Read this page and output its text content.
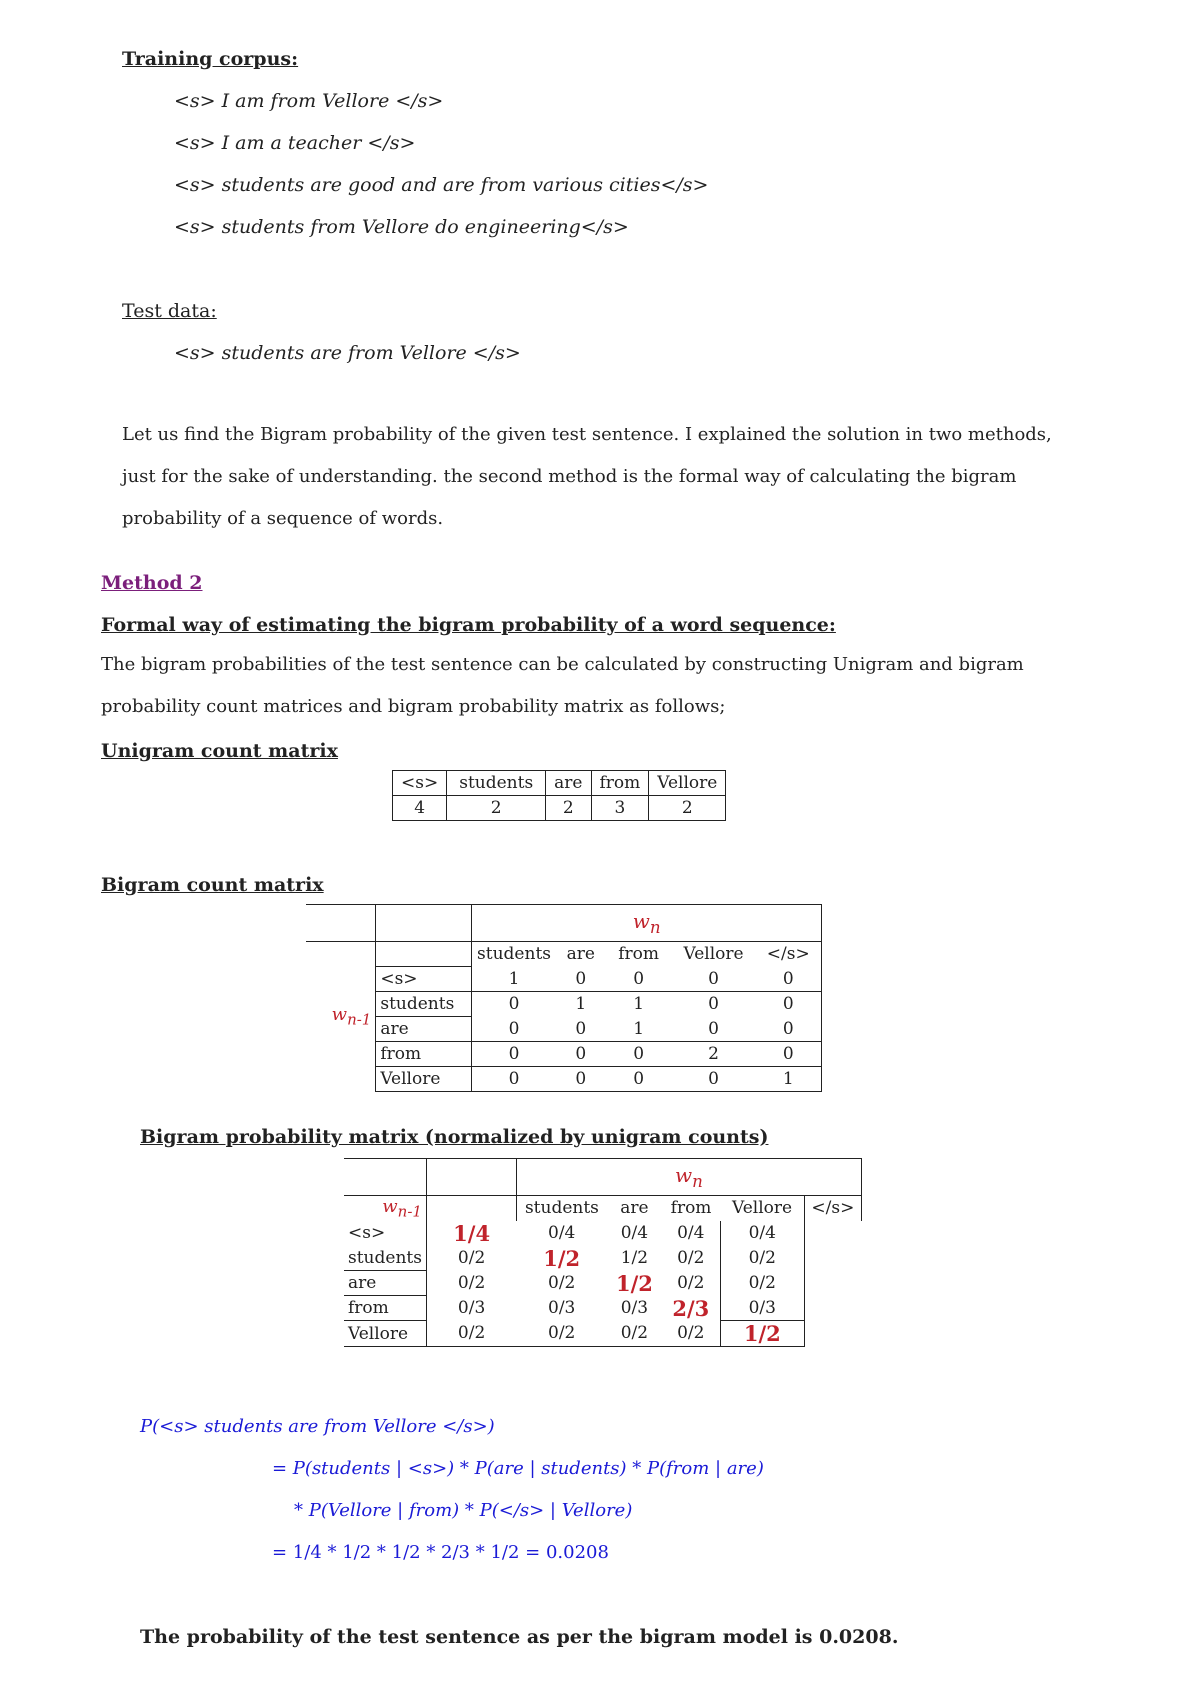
Training corpus:
<s> I am from Vellore </s>
<s> I am a teacher </s>
<s> students are good and are from various cities</s>
<s> students from Vellore do engineering</s>
Test data:
<s> students are from Vellore </s>
Let us find the Bigram probability of the given test sentence. I explained the solution in two methods,
just for the sake of understanding. the second method is the formal way of calculating the bigram
probability of a sequence of words.
Method 2
Formal way of estimating the bigram probability of a word sequence:
The bigram probabilities of the test sentence can be calculated by constructing Unigram and bigram
probability count matrices and bigram probability matrix as follows;
Unigram count matrix
<s>	students	are	from	Vellore
4	2	2	3	2
Bigram count matrix
		$w_n$
$w_{n-1}$		students	are	from	Vellore	</s>
	<s>	1	0	0	0	0
	students	0	1	1	0	0
	are	0	0	1	0	0
	from	0	0	0	2	0
	Vellore	0	0	0	0	1
Bigram probability matrix (normalized by unigram counts)
		$w_n$
$w_{n-1}$		students	are	from	Vellore	</s>
<s>	1/4	0/4	0/4	0/4	0/4	
students	0/2	1/2	1/2	0/2	0/2	
are	0/2	0/2	1/2	0/2	0/2	
from	0/3	0/3	0/3	2/3	0/3	
Vellore	0/2	0/2	0/2	0/2	1/2	
P(<s> students are from Vellore </s>)
= P(students | <s>) * P(are | students) * P(from | are)
* P(Vellore | from) * P(</s> | Vellore)
= 1/4 * 1/2 * 1/2 * 2/3 * 1/2 = 0.0208
The probability of the test sentence as per the bigram model is 0.0208.
